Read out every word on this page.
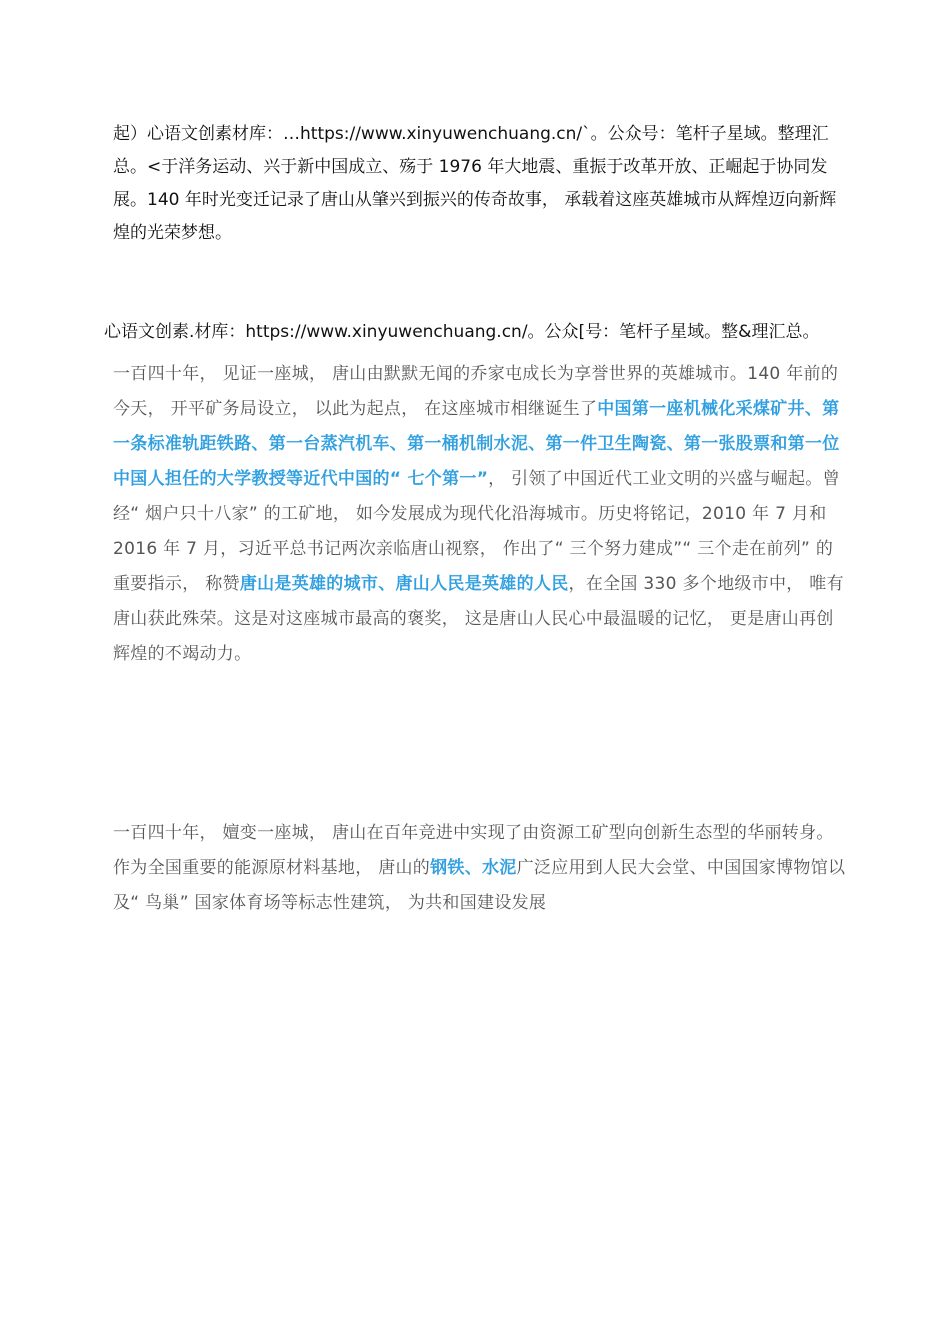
起）心语文创素材库：…https://www.xinyuwenchuang.cn/`。公众号：笔杆子星域。整理汇总。<于洋务运动、兴于新中国成立、殇于 1976 年大地震、重振于改革开放、正崛起于协同发展。140 年时光变迁记录了唐山从肇兴到振兴的传奇故事， 承载着这座英雄城市从辉煌迈向新辉煌的光荣梦想。

心语文创素.材库：https://www.xinyuwenchuang.cn/。公众[号：笔杆子星域。整&理汇总。

一百四十年， 见证一座城， 唐山由默默无闻的乔家屯成长为享誉世界的英雄城市。140 年前的今天， 开平矿务局设立， 以此为起点， 在这座城市相继诞生了中国第一座机械化采煤矿井、第一条标准轨距铁路、第一台蒸汽机车、第一桶机制水泥、第一件卫生陶瓷、第一张股票和第一位中国人担任的大学教授等近代中国的“ 七个第一”， 引领了中国近代工业文明的兴盛与崛起。曾经“ 烟户只十八家” 的工矿地， 如今发展成为现代化沿海城市。历史将铭记，2010 年 7 月和 2016 年 7 月，习近平总书记两次亲临唐山视察， 作出了“ 三个努力建成”“ 三个走在前列” 的重要指示， 称赞唐山是英雄的城市、唐山人民是英雄的人民，在全国 330 多个地级市中， 唯有唐山获此殊荣。这是对这座城市最高的褒奖， 这是唐山人民心中最温暖的记忆， 更是唐山再创辉煌的不竭动力。

一百四十年， 嬗变一座城， 唐山在百年竞进中实现了由资源工矿型向创新生态型的华丽转身。作为全国重要的能源原材料基地， 唐山的钢铁、水泥广泛应用到人民大会堂、中国国家博物馆以及“ 鸟巢” 国家体育场等标志性建筑， 为共和国建设发展
